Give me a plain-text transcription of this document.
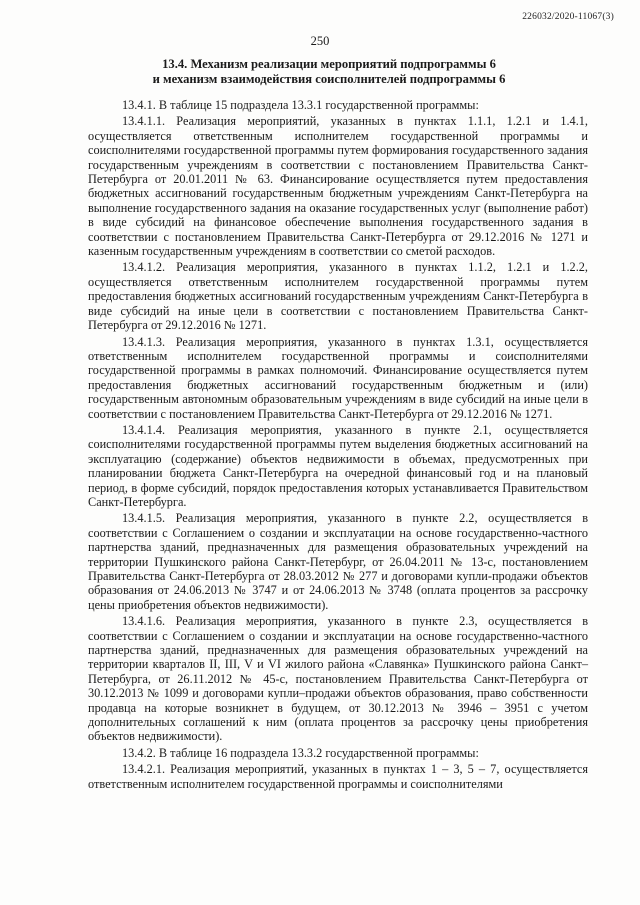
226032/2020-11067(3)
250
13.4. Механизм реализации мероприятий подпрограммы 6
и механизм взаимодействия соисполнителей подпрограммы 6

13.4.1. В таблице 15 подраздела 13.3.1 государственной программы:

13.4.1.1. Реализация мероприятий, указанных в пунктах 1.1.1, 1.2.1 и 1.4.1, осуществляется ответственным исполнителем государственной программы и соисполнителями государственной программы путем формирования государственного задания государственным учреждениям в соответствии с постановлением Правительства Санкт-Петербурга от 20.01.2011 № 63. Финансирование осуществляется путем предоставления бюджетных ассигнований государственным бюджетным учреждениям Санкт-Петербурга на выполнение государственного задания на оказание государственных услуг (выполнение работ) в виде субсидий на финансовое обеспечение выполнения государственного задания в соответствии с постановлением Правительства Санкт-Петербурга от 29.12.2016 № 1271 и казенным государственным учреждениям в соответствии со сметой расходов.

13.4.1.2. Реализация мероприятия, указанного в пунктах 1.1.2, 1.2.1 и 1.2.2, осуществляется ответственным исполнителем государственной программы путем предоставления бюджетных ассигнований государственным учреждениям Санкт-Петербурга в виде субсидий на иные цели в соответствии с постановлением Правительства Санкт-Петербурга от 29.12.2016 № 1271.

13.4.1.3. Реализация мероприятия, указанного в пунктах 1.3.1, осуществляется ответственным исполнителем государственной программы и соисполнителями государственной программы в рамках полномочий. Финансирование осуществляется путем предоставления бюджетных ассигнований государственным бюджетным и (или) государственным автономным образовательным учреждениям в виде субсидий на иные цели в соответствии с постановлением Правительства Санкт-Петербурга от 29.12.2016 № 1271.

13.4.1.4. Реализация мероприятия, указанного в пункте 2.1, осуществляется соисполнителями государственной программы путем выделения бюджетных ассигнований на эксплуатацию (содержание) объектов недвижимости в объемах, предусмотренных при планировании бюджета Санкт-Петербурга на очередной финансовый год и на плановый период, в форме субсидий, порядок предоставления которых устанавливается Правительством Санкт-Петербурга.

13.4.1.5. Реализация мероприятия, указанного в пункте 2.2, осуществляется в соответствии с Соглашением о создании и эксплуатации на основе государственно-частного партнерства зданий, предназначенных для размещения образовательных учреждений на территории Пушкинского района Санкт-Петербург, от 26.04.2011 № 13-с, постановлением Правительства Санкт-Петербурга от 28.03.2012 № 277 и договорами купли-продажи объектов образования от 24.06.2013 № 3747 и от 24.06.2013 № 3748 (оплата процентов за рассрочку цены приобретения объектов недвижимости).

13.4.1.6. Реализация мероприятия, указанного в пункте 2.3, осуществляется в соответствии с Соглашением о создании и эксплуатации на основе государственно-частного партнерства зданий, предназначенных для размещения образовательных учреждений на территории кварталов II, III, V и VI жилого района «Славянка» Пушкинского района Санкт–Петербурга, от 26.11.2012 № 45-с, постановлением Правительства Санкт-Петербурга от 30.12.2013 № 1099 и договорами купли–продажи объектов образования, право собственности продавца на которые возникнет в будущем, от 30.12.2013 № 3946 – 3951 с учетом дополнительных соглашений к ним (оплата процентов за рассрочку цены приобретения объектов недвижимости).

13.4.2. В таблице 16 подраздела 13.3.2 государственной программы:

13.4.2.1. Реализация мероприятий, указанных в пунктах 1 – 3, 5 – 7, осуществляется ответственным исполнителем государственной программы и соисполнителями
